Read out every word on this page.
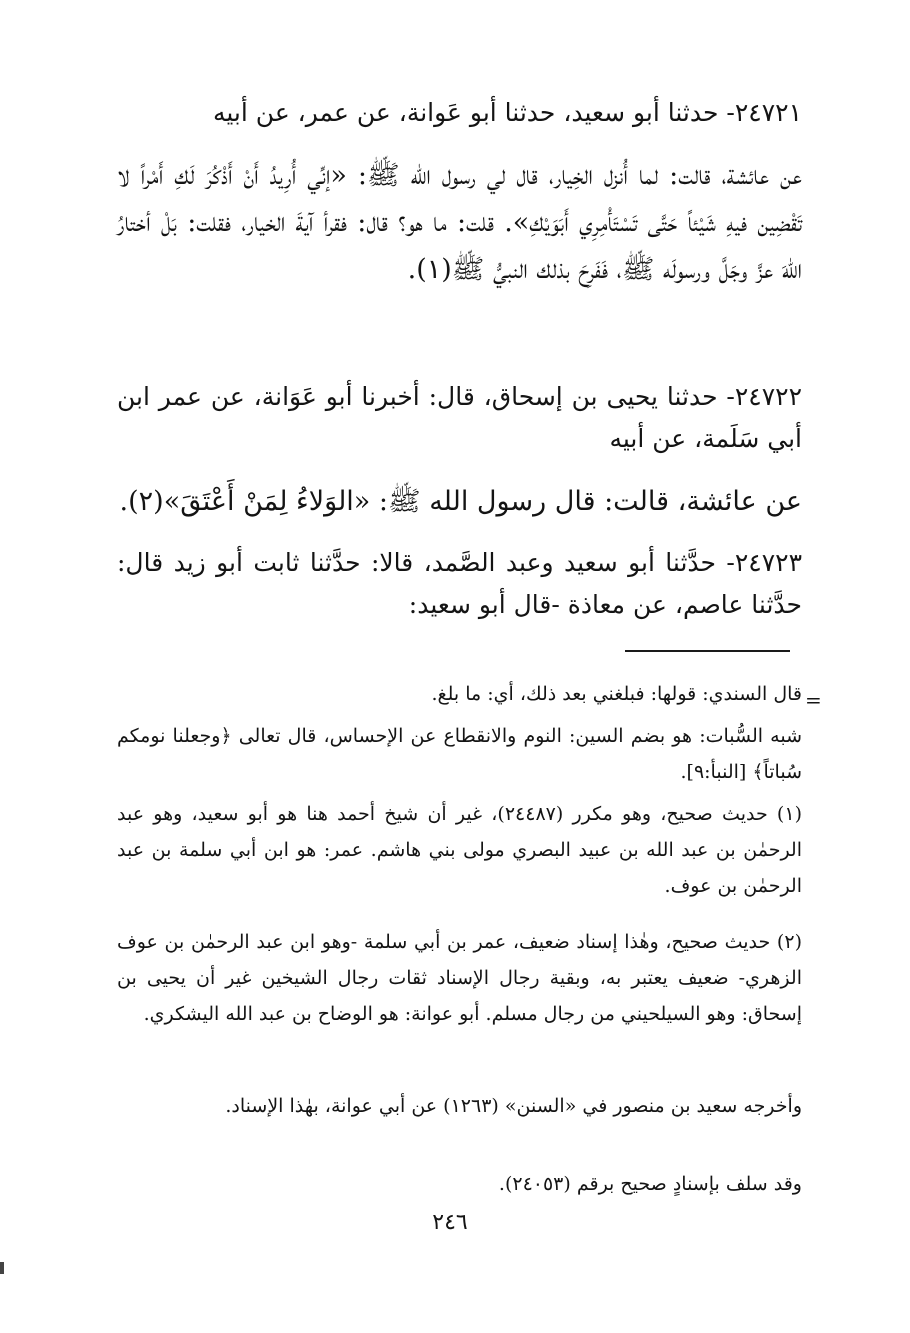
٢٤٧٢١- حدثنا أبو سعيد، حدثنا أبو عَوانة، عن عمر، عن أبيه
عن عائشة، قالت: لما أُنزل الخِيار، قال لي رسول الله ﷺ: «إنِّي أُرِيدُ أَنْ أَذْكُرَ لَكِ أَمْراً لا تَقْضِين فيهِ شَيْئاً حَتَّى تَسْتَأْمِرِي أَبَوَيْكِ». قلت: ما هو؟ قال: فقرأ آيةَ الخيار، فقلت: بَلْ أختارُ اللهَ عزَّ وجَلَّ ورسولَه ﷺ، فَفَرِحَ بذلك النبيُّ ﷺ(١).
٢٤٧٢٢- حدثنا يحيى بن إسحاق، قال: أخبرنا أبو عَوَانة، عن عمر ابن أبي سَلَمة، عن أبيه
عن عائشة، قالت: قال رسول الله ﷺ: «الوَلاءُ لِمَنْ أَعْتَقَ»(٢).
٢٤٧٢٣- حدَّثنا أبو سعيد وعبد الصَّمد، قالا: حدَّثنا ثابت أبو زيد قال: حدَّثنا عاصم، عن معاذة -قال أبو سعيد:
=
قال السندي: قولها: فبلغني بعد ذلك، أي: ما بلغ.
شبه السُّبات: هو بضم السين: النوم والانقطاع عن الإحساس، قال تعالى ﴿وجعلنا نومكم سُباتاً﴾ [النبأ:٩].
(١) حديث صحيح، وهو مكرر (٢٤٤٨٧)، غير أن شيخ أحمد هنا هو أبو سعيد، وهو عبد الرحمٰن بن عبد الله بن عبيد البصري مولى بني هاشم. عمر: هو ابن أبي سلمة بن عبد الرحمٰن بن عوف.
(٢) حديث صحيح، وهٰذا إسناد ضعيف، عمر بن أبي سلمة -وهو ابن عبد الرحمٰن بن عوف الزهري- ضعيف يعتبر به، وبقية رجال الإسناد ثقات رجال الشيخين غير أن يحيى بن إسحاق: وهو السيلحيني من رجال مسلم. أبو عوانة: هو الوضاح بن عبد الله اليشكري.
وأخرجه سعيد بن منصور في «السنن» (١٢٦٣) عن أبي عوانة، بهٰذا الإسناد.
وقد سلف بإسنادٍ صحيح برقم (٢٤٠٥٣).
٢٤٦
